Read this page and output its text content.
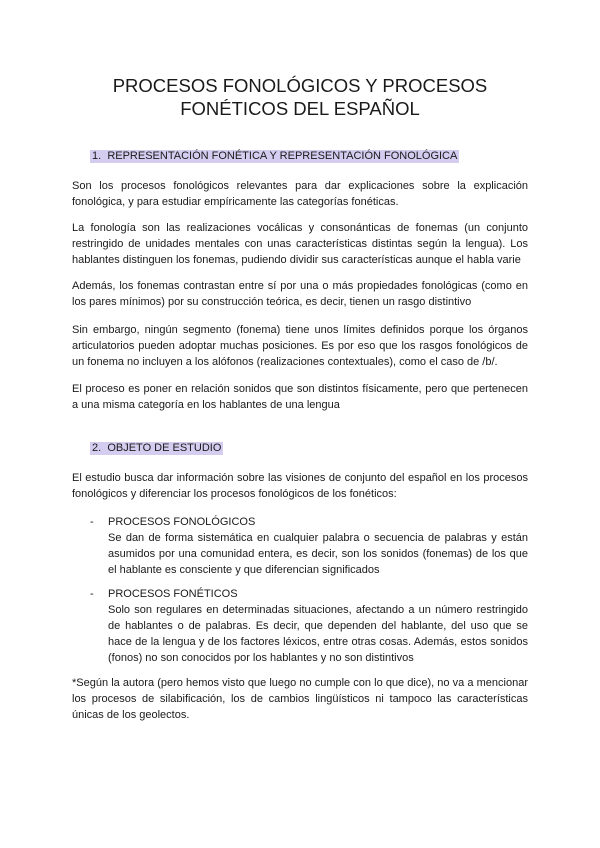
PROCESOS FONOLÓGICOS Y PROCESOS
FONÉTICOS DEL ESPAÑOL
1. REPRESENTACIÓN FONÉTICA Y REPRESENTACIÓN FONOLÓGICA

Son los procesos fonológicos relevantes para dar explicaciones sobre la explicación fonológica, y para estudiar empíricamente las categorías fonéticas.

La fonología son las realizaciones vocálicas y consonánticas de fonemas (un conjunto restringido de unidades mentales con unas características distintas según la lengua). Los hablantes distinguen los fonemas, pudiendo dividir sus características aunque el habla varie

Además, los fonemas contrastan entre sí por una o más propiedades fonológicas (como en los pares mínimos) por su construcción teórica, es decir, tienen un rasgo distintivo

Sin embargo, ningún segmento (fonema) tiene unos límites definidos porque los órganos articulatorios pueden adoptar muchas posiciones. Es por eso que los rasgos fonológicos de un fonema no incluyen a los alófonos (realizaciones contextuales), como el caso de /b/.

El proceso es poner en relación sonidos que son distintos físicamente, pero que pertenecen a una misma categoría en los hablantes de una lengua

2. OBJETO DE ESTUDIO

El estudio busca dar información sobre las visiones de conjunto del español en los procesos fonológicos y diferenciar los procesos fonológicos de los fonéticos:

- PROCESOS FONOLÓGICOS

Se dan de forma sistemática en cualquier palabra o secuencia de palabras y están asumidos por una comunidad entera, es decir, son los sonidos (fonemas) de los que el hablante es consciente y que diferencian significados

- PROCESOS FONÉTICOS

Solo son regulares en determinadas situaciones, afectando a un número restringido de hablantes o de palabras. Es decir, que dependen del hablante, del uso que se hace de la lengua y de los factores léxicos, entre otras cosas. Además, estos sonidos (fonos) no son conocidos por los hablantes y no son distintivos

*Según la autora (pero hemos visto que luego no cumple con lo que dice), no va a mencionar los procesos de silabificación, los de cambios lingüísticos ni tampoco las características únicas de los geolectos.
